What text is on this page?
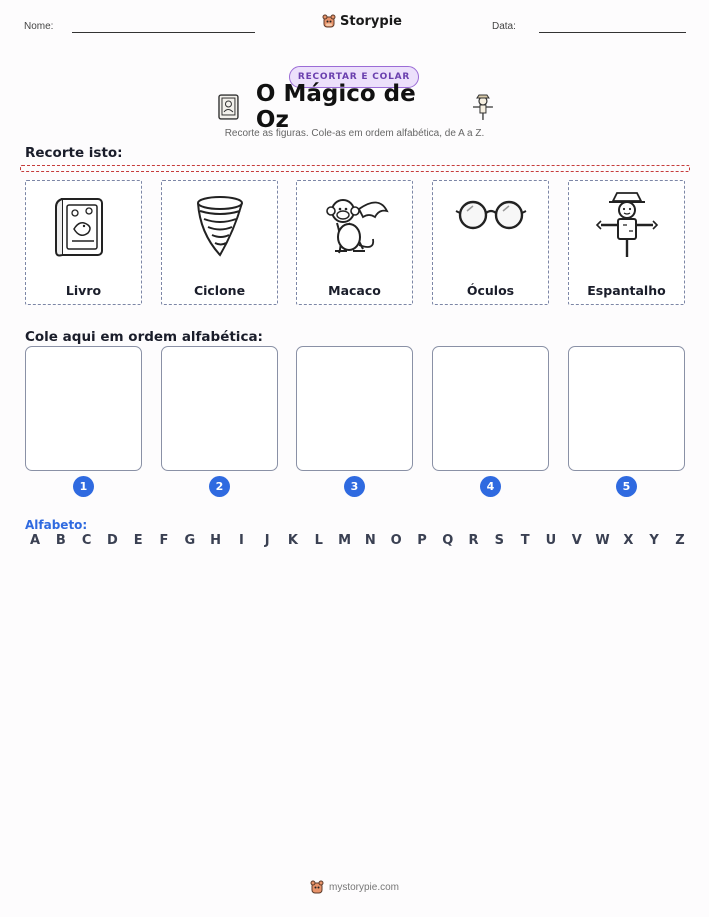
Nome:	Storypie	Data:
RECORTAR E COLAR
O Mágico de Oz
Recorte as figuras. Cole-as em ordem alfabética, de A a Z.
Recorte isto:
Livro	Ciclone	Macaco	Óculos	Espantalho
Cole aqui em ordem alfabética:
1	2	3	4	5
Alfabeto:
A	B	C	D	E	F	G	H	I	J	K	L	M	N	O	P	Q	R	S	T	U	V	W	X	Y	Z
mystorypie.com
